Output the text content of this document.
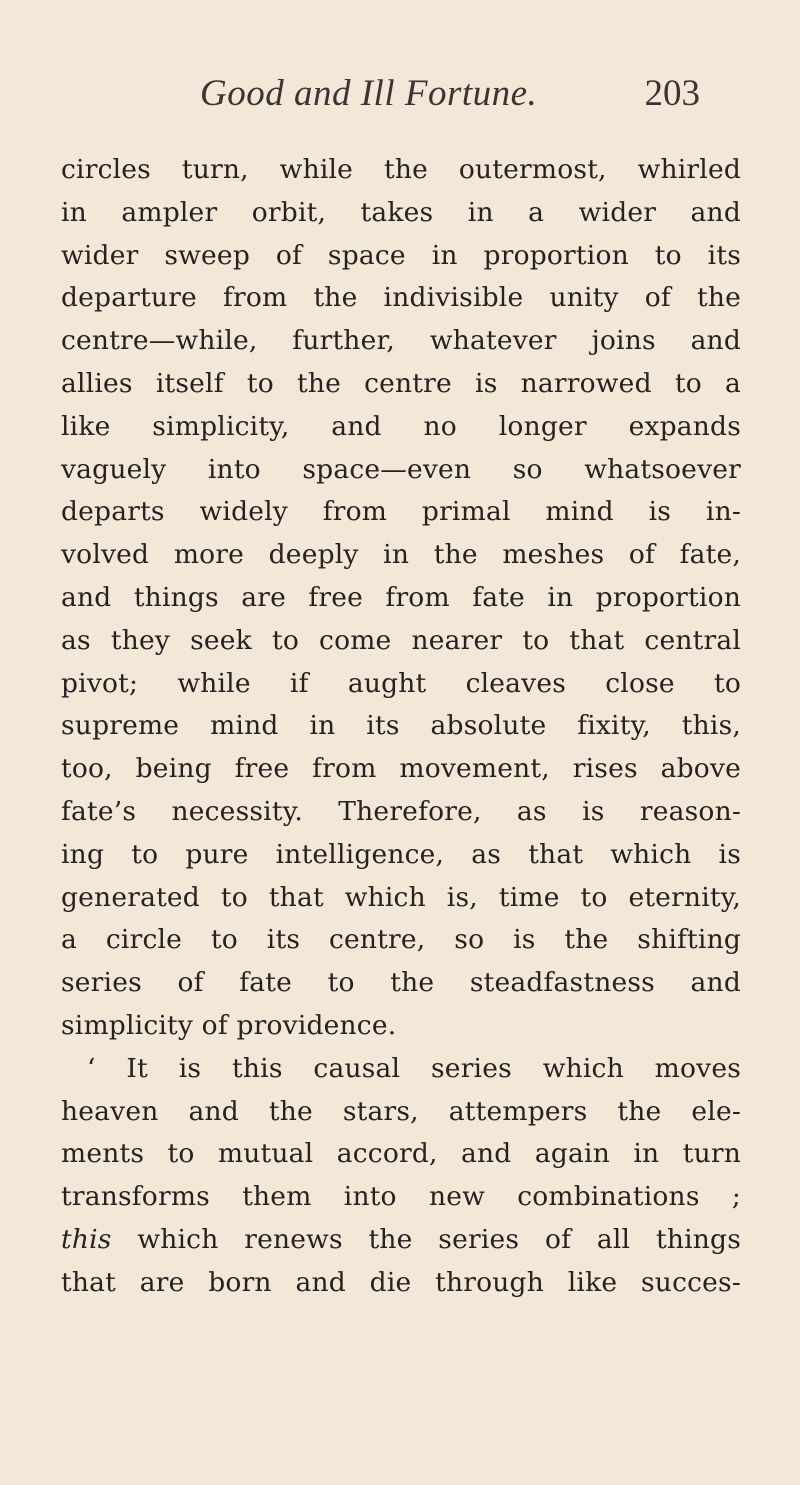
Good and Ill Fortune.	203
circles turn, while the outermost, whirled
in ampler orbit, takes in a wider and
wider sweep of space in proportion to its
departure from the indivisible unity of the
centre—while, further, whatever joins and
allies itself to the centre is narrowed to a
like simplicity, and no longer expands
vaguely into space—even so whatsoever
departs widely from primal mind is in-
volved more deeply in the meshes of fate,
and things are free from fate in proportion
as they seek to come nearer to that central
pivot; while if aught cleaves close to
supreme mind in its absolute fixity, this,
too, being free from movement, rises above
fate’s necessity. Therefore, as is reason-
ing to pure intelligence, as that which is
generated to that which is, time to eternity,
a circle to its centre, so is the shifting
series of fate to the steadfastness and
simplicity of providence.
‘ It is this causal series which moves
heaven and the stars, attempers the ele-
ments to mutual accord, and again in turn
transforms them into new combinations ;
this which renews the series of all things
that are born and die through like succes-
